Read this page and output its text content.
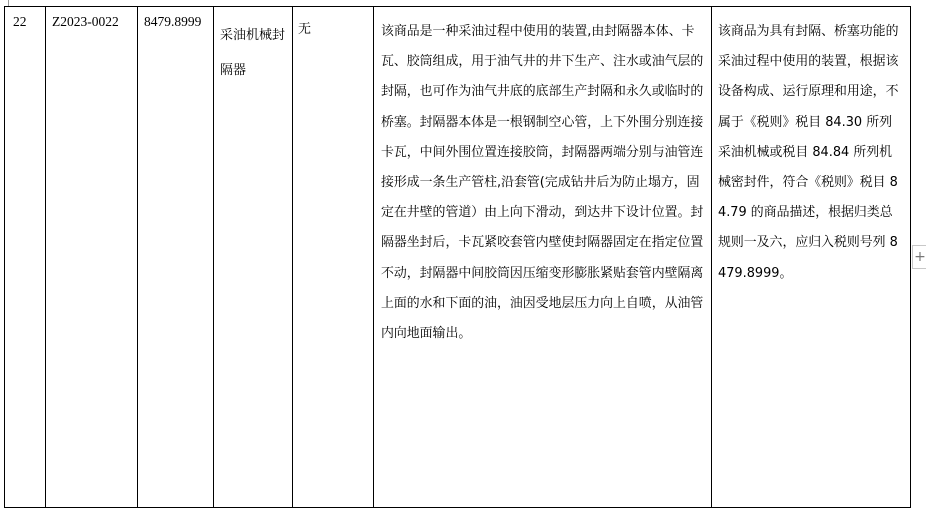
22	Z2023-0022	8479.8999	采油机械封隔器	无	该商品是一种采油过程中使用的装置,由封隔器本体、卡瓦、胶筒组成，用于油气井的井下生产、注水或油气层的封隔，也可作为油气井底的底部生产封隔和永久或临时的桥塞。封隔器本体是一根钢制空心管，上下外围分别连接卡瓦，中间外围位置连接胶筒，封隔器两端分别与油管连接形成一条生产管柱,沿套管(完成钻井后为防止塌方，固定在井壁的管道）由上向下滑动，到达井下设计位置。封隔器坐封后，卡瓦紧咬套管内壁使封隔器固定在指定位置不动，封隔器中间胶筒因压缩变形膨胀紧贴套管内壁隔离上面的水和下面的油，油因受地层压力向上自喷，从油管内向地面输出。	该商品为具有封隔、桥塞功能的采油过程中使用的装置，根据该设备构成、运行原理和用途，不属于《税则》税目 84.30 所列采油机械或税目 84.84 所列机械密封件，符合《税则》税目 84.79 的商品描述，根据归类总规则一及六，应归入税则号列 8479.8999。
+
